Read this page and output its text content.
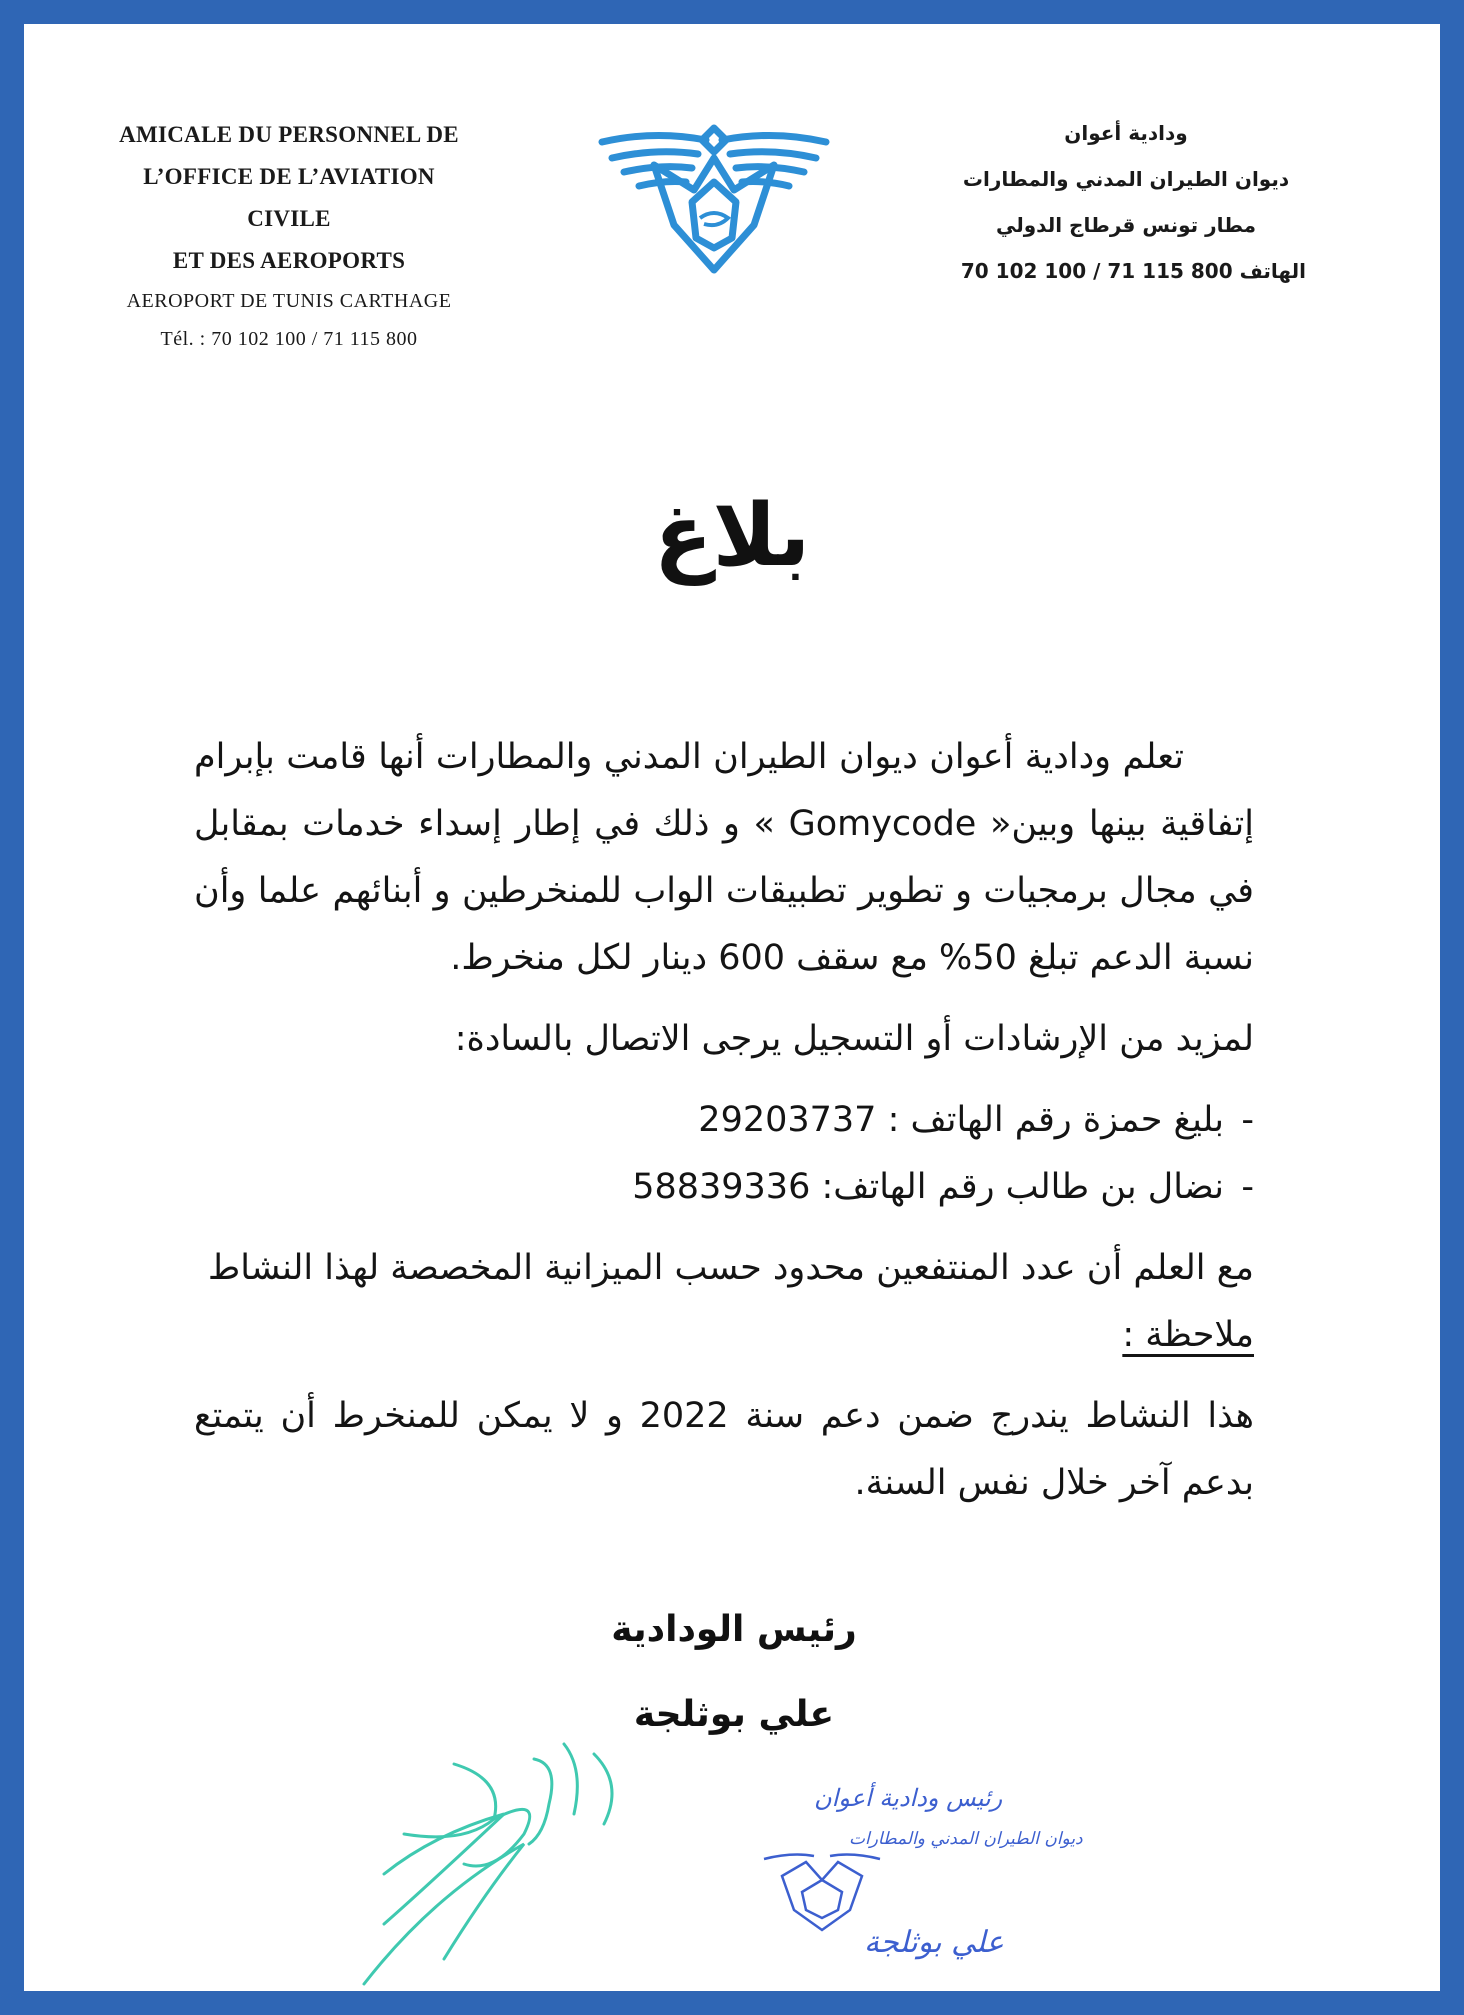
AMICALE DU PERSONNEL DE
L’OFFICE DE L’AVIATION CIVILE
ET DES AEROPORTS
AEROPORT DE TUNIS CARTHAGE
Tél. : 70 102 100 / 71 115 800
ودادية أعوان
ديوان الطيران المدني والمطارات
مطار تونس قرطاج الدولي
الهاتف 70 102 100 / 71 115 800
بلاغ

تعلم ودادية أعوان ديوان الطيران المدني والمطارات أنها قامت بإبرام إتفاقية بينها وبين« Gomycode » و ذلك في إطار إسداء خدمات بمقابل في مجال برمجيات و تطوير تطبيقات الواب للمنخرطين و أبنائهم علما وأن نسبة الدعم تبلغ 50% مع سقف 600 دينار لكل منخرط.

لمزيد من الإرشادات أو التسجيل يرجى الاتصال بالسادة:

- بليغ حمزة رقم الهاتف : 29203737

- نضال بن طالب رقم الهاتف: 58839336

مع العلم أن عدد المنتفعين محدود حسب الميزانية المخصصة لهذا النشاط

ملاحظة :

هذا النشاط يندرج ضمن دعم سنة 2022 و لا يمكن للمنخرط أن يتمتع بدعم آخر خلال نفس السنة.

رئيس الودادية
علي بوثلجة
رئيس ودادية أعوان
ديوان الطيران المدني والمطارات
علي بوثلجة
